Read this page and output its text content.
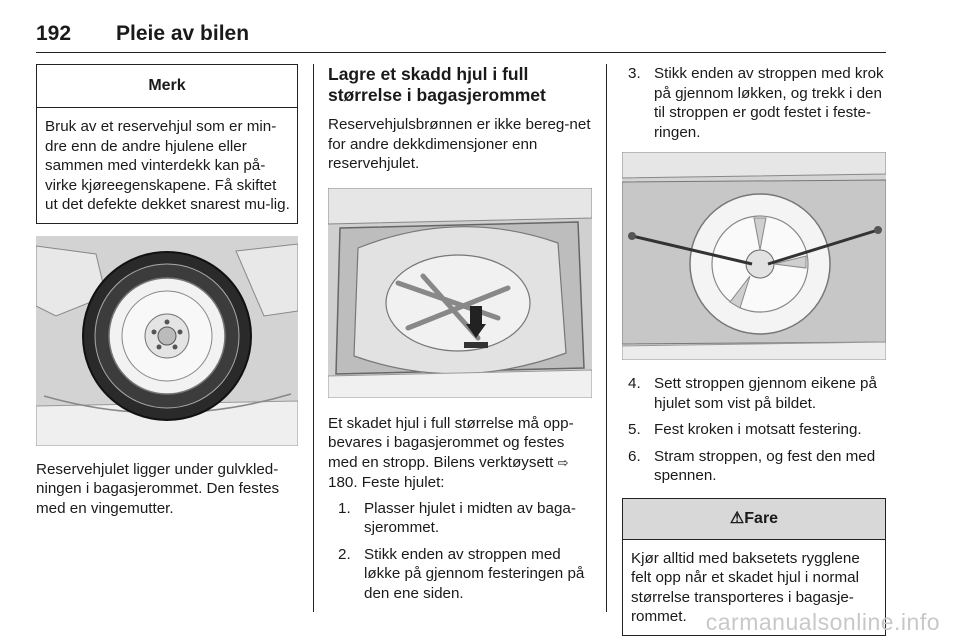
192 Pleie av bilen
Merk
Bruk av et reservehjul som er min-dre enn de andre hjulene eller sammen med vinterdekk kan på-virke kjøreegenskapene. Få skiftet ut det defekte dekket snarest mu-lig.

Reservehjulet ligger under gulvkled-ningen i bagasjerommet. Den festes med en vingemutter.

Lagre et skadd hjul i full størrelse i bagasjerommet

Reservehjulsbrønnen er ikke bereg-net for andre dekkdimensjoner enn reservehjulet.

Et skadet hjul i full størrelse må opp-bevares i bagasjerommet og festes med en stropp. Bilens verktøysett ⇨ 180. Feste hjulet:

1. Plasser hjulet i midten av baga-sjerommet.
2. Stikk enden av stroppen med løkke på gjennom festeringen på den ene siden.
3. Stikk enden av stroppen med krok på gjennom løkken, og trekk i den til stroppen er godt festet i feste-ringen.
4. Sett stroppen gjennom eikene på hjulet som vist på bildet.
5. Fest kroken i motsatt festering.
6. Stram stroppen, og fest den med spennen.
⚠Fare
Kjør alltid med baksetets rygglene felt opp når et skadet hjul i normal størrelse transporteres i bagasje-rommet. carmanualsonline.info
